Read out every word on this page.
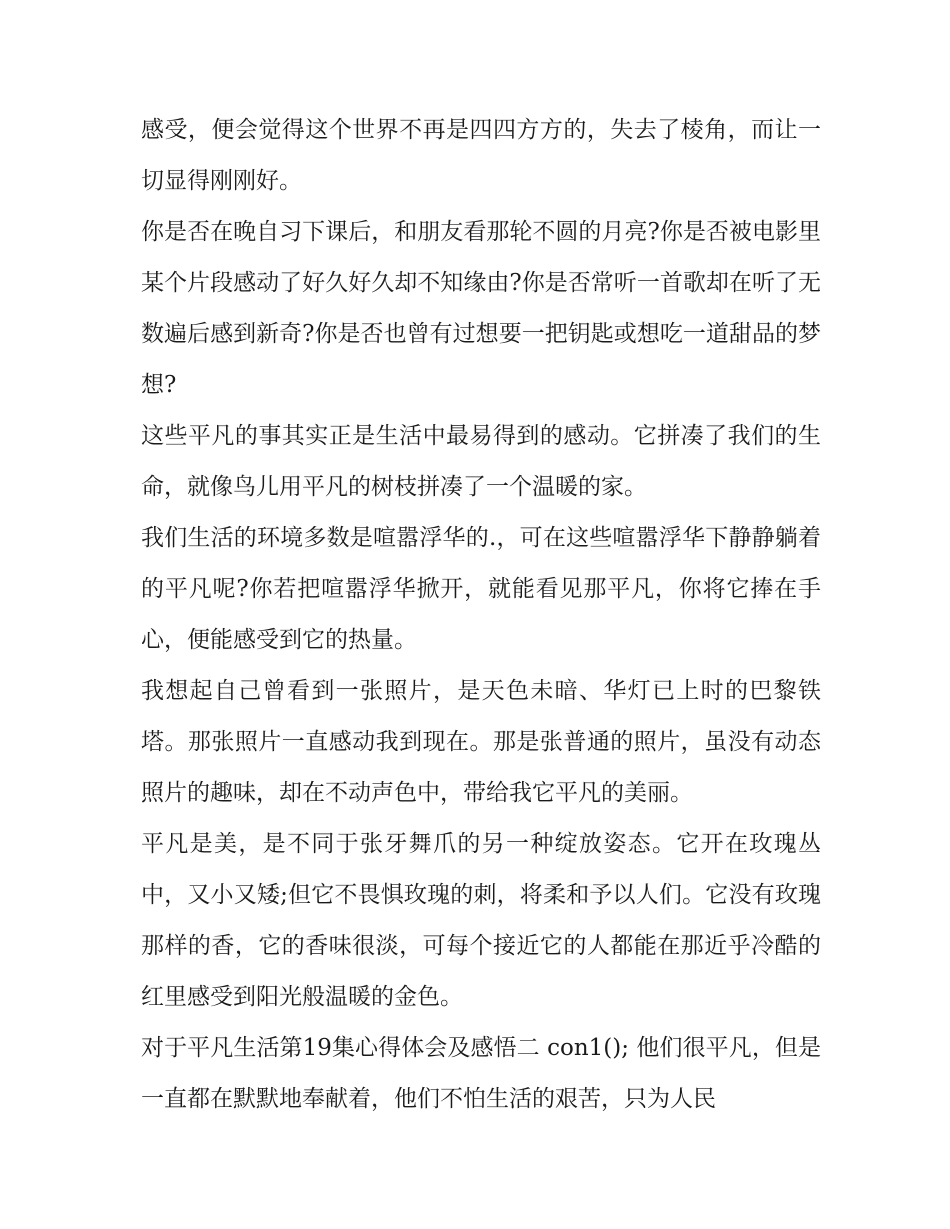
感受，便会觉得这个世界不再是四四方方的，失去了棱角，而让一切显得刚刚好。

你是否在晚自习下课后，和朋友看那轮不圆的月亮?你是否被电影里某个片段感动了好久好久却不知缘由?你是否常听一首歌却在听了无数遍后感到新奇?你是否也曾有过想要一把钥匙或想吃一道甜品的梦想?

这些平凡的事其实正是生活中最易得到的感动。它拼凑了我们的生命，就像鸟儿用平凡的树枝拼凑了一个温暖的家。

我们生活的环境多数是喧嚣浮华的.，可在这些喧嚣浮华下静静躺着的平凡呢?你若把喧嚣浮华掀开，就能看见那平凡，你将它捧在手心，便能感受到它的热量。

我想起自己曾看到一张照片，是天色未暗、华灯已上时的巴黎铁塔。那张照片一直感动我到现在。那是张普通的照片，虽没有动态照片的趣味，却在不动声色中，带给我它平凡的美丽。

平凡是美，是不同于张牙舞爪的另一种绽放姿态。它开在玫瑰丛中，又小又矮;但它不畏惧玫瑰的刺，将柔和予以人们。它没有玫瑰那样的香，它的香味很淡，可每个接近它的人都能在那近乎冷酷的红里感受到阳光般温暖的金色。

对于平凡生活第19集心得体会及感悟二 con1(); 他们很平凡，但是一直都在默默地奉献着，他们不怕生活的艰苦，只为人民
